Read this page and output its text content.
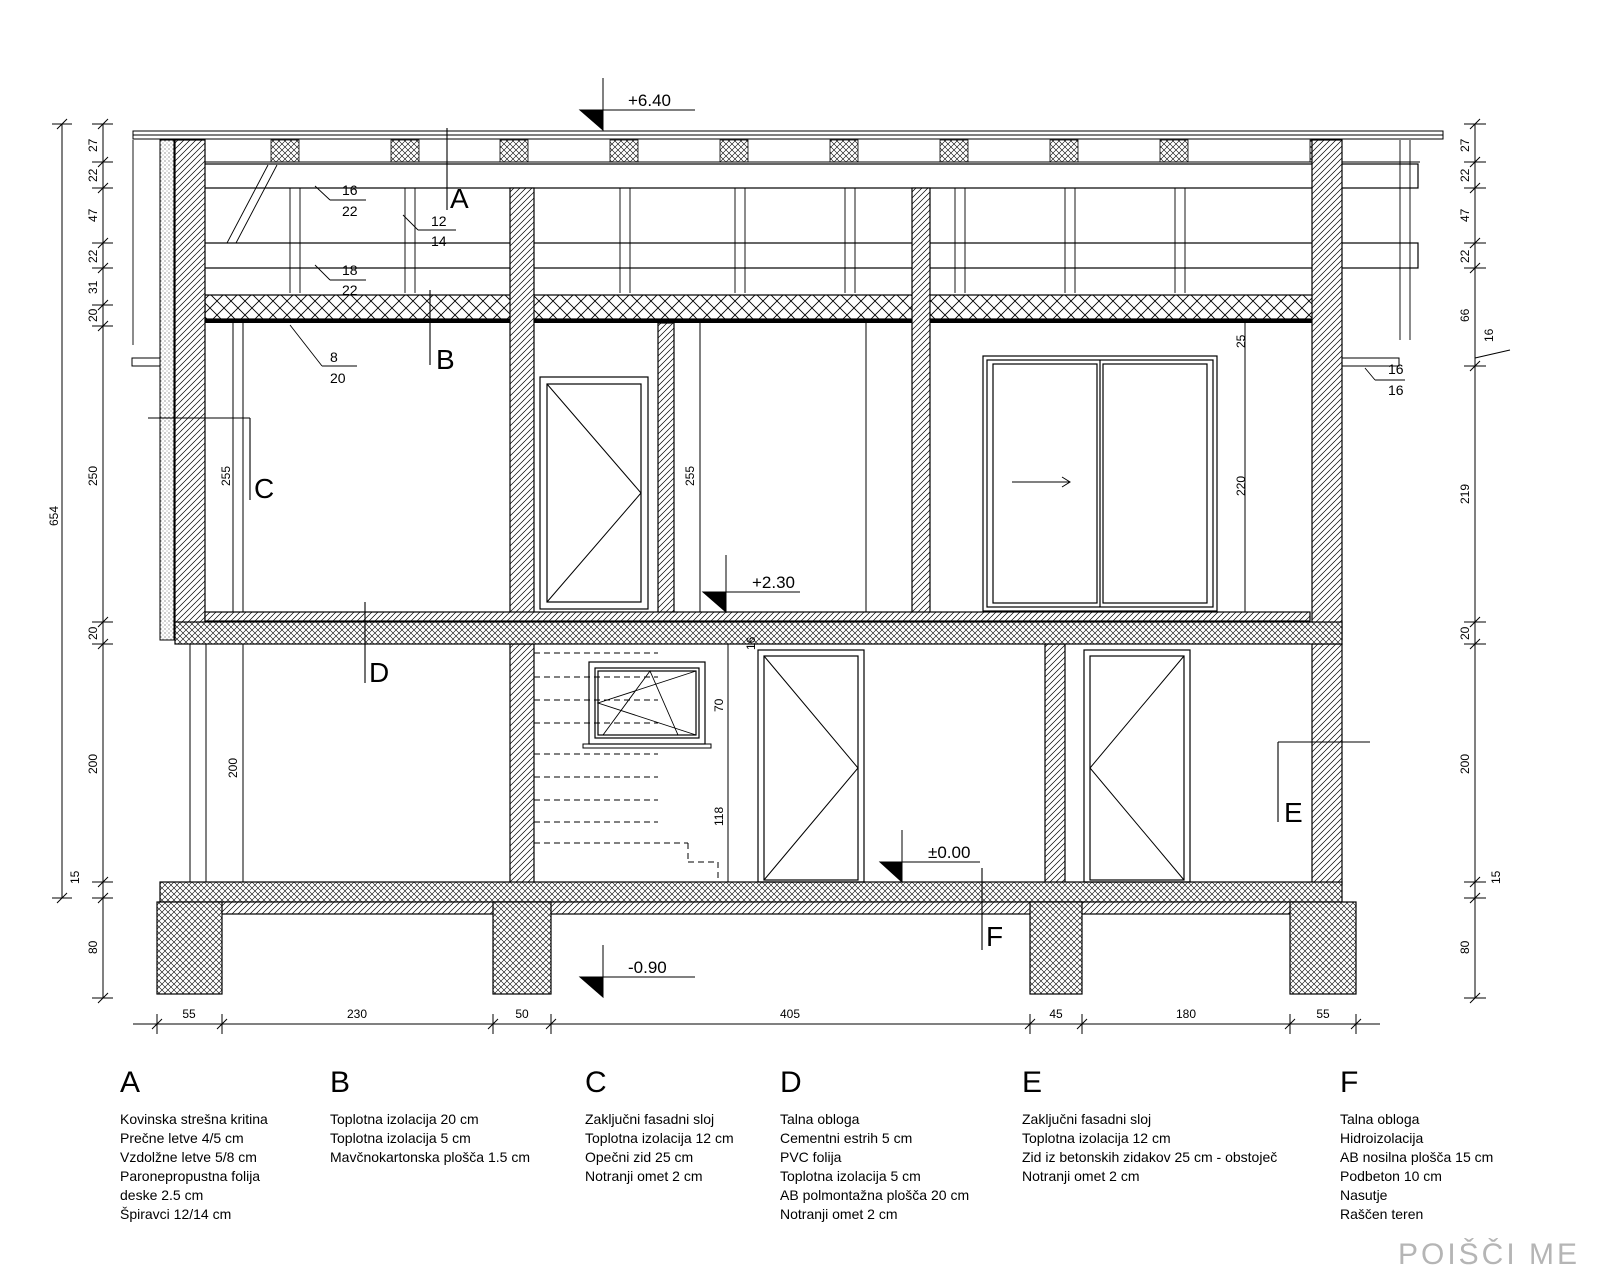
A
B
C
D
E
F
+6.40
+2.30
±0.00
-0.90
16
22
12
14
18
22
8
20
16
16
16
27
22
47
22
31
20
250
20
200
15
80
654
27
22
47
22
66
219
20
200
15
80
255	255
25
220
200
70
118
16
55	230	50	405	45	180	55
A
Kovinska strešna kritina
Prečne letve 4/5 cm
Vzdolžne letve 5/8 cm
Paronepropustna folija
deske 2.5 cm
Špiravci 12/14 cm
B
Toplotna izolacija 20 cm
Toplotna izolacija 5 cm
Mavčnokartonska plošča 1.5 cm
C
Zaključni fasadni sloj
Toplotna izolacija 12 cm
Opečni zid 25 cm
Notranji omet 2 cm
D
Talna obloga
Cementni estrih 5 cm
PVC folija
Toplotna izolacija 5 cm
AB polmontažna plošča 20 cm
Notranji omet 2 cm
E
Zaključni fasadni sloj
Toplotna izolacija 12 cm
Zid iz betonskih zidakov 25 cm - obstoječ
Notranji omet 2 cm
F
Talna obloga
Hidroizolacija
AB nosilna plošča 15 cm
Podbeton 10 cm
Nasutje
Raščen teren
POIŠČI ME
